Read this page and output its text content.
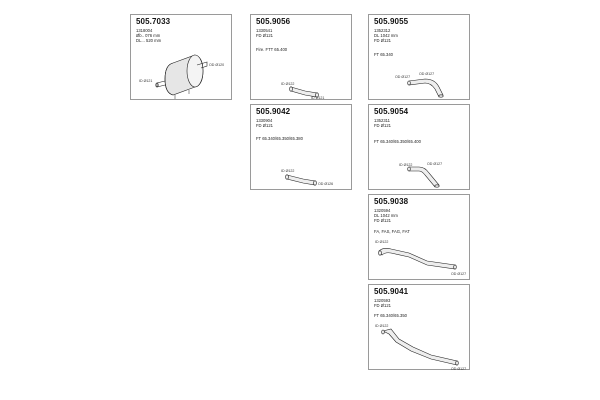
505.7033
1318004
Øb.. 076 mm
DL... 520 mm
OD Ø120
ID Ø121
505.9056
1330541
FD Ø121
Fire. FTT 65.400
ID Ø122
ID Ø121
505.9055
1352312
DL 1042 mm
FD Ø121
FT 65.340
OD Ø127
OD Ø127
505.9042
1330904
FD Ø121
FT 65.340/65.350/65.380
ID Ø122
OD Ø126
505.9054
1352311
FD Ø121
FT 65.340/65.350/65.400
ID Ø122	OD Ø127
505.9038
1320594
DL 1042 mm
FD Ø121
FA, FAS, FAG, FAT
ID Ø122
OD Ø127
505.9041
1320593
FD Ø121
FT 65.340/65.350
ID Ø122
OD Ø127
